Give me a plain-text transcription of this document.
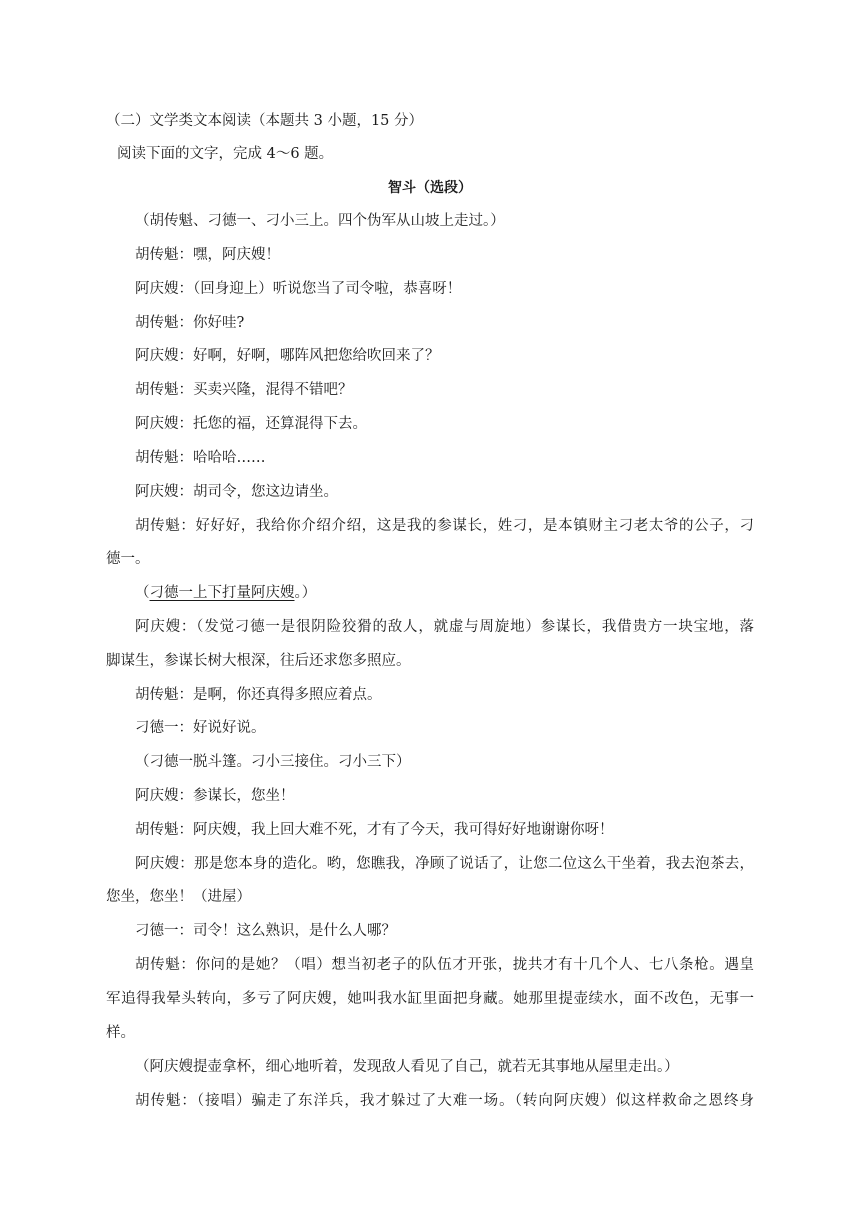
（二）文学类文本阅读（本题共 3 小题，15 分）
阅读下面的文字，完成 4～6 题。
智斗（选段）
（胡传魁、刁德一、刁小三上。四个伪军从山坡上走过。）
胡传魁：嘿，阿庆嫂！
阿庆嫂：（回身迎上）听说您当了司令啦，恭喜呀！
胡传魁：你好哇?
阿庆嫂：好啊，好啊，哪阵风把您给吹回来了？
胡传魁：买卖兴隆，混得不错吧？
阿庆嫂：托您的福，还算混得下去。
胡传魁：哈哈哈……
阿庆嫂：胡司令，您这边请坐。
胡传魁：好好好，我给你介绍介绍，这是我的参谋长，姓刁，是本镇财主刁老太爷的公子，刁
德一。
（刁德一上下打量阿庆嫂。）
阿庆嫂：（发觉刁德一是很阴险狡猾的敌人，就虚与周旋地）参谋长，我借贵方一块宝地，落
脚谋生，参谋长树大根深，往后还求您多照应。
胡传魁：是啊，你还真得多照应着点。
刁德一：好说好说。
（刁德一脱斗篷。刁小三接住。刁小三下）
阿庆嫂：参谋长，您坐！
胡传魁：阿庆嫂，我上回大难不死，才有了今天，我可得好好地谢谢你呀！
阿庆嫂：那是您本身的造化。哟，您瞧我，净顾了说话了，让您二位这么干坐着，我去泡茶去，
您坐，您坐！（进屋）
刁德一：司令！这么熟识，是什么人哪？
胡传魁：你问的是她？（唱）想当初老子的队伍才开张，拢共才有十几个人、七八条枪。遇皇
军追得我晕头转向，多亏了阿庆嫂，她叫我水缸里面把身藏。她那里提壶续水，面不改色，无事一
样。
（阿庆嫂提壶拿杯，细心地听着，发现敌人看见了自己，就若无其事地从屋里走出。）
胡传魁：（接唱）骗走了东洋兵，我才躲过了大难一场。（转向阿庆嫂）似这样救命之恩终身
